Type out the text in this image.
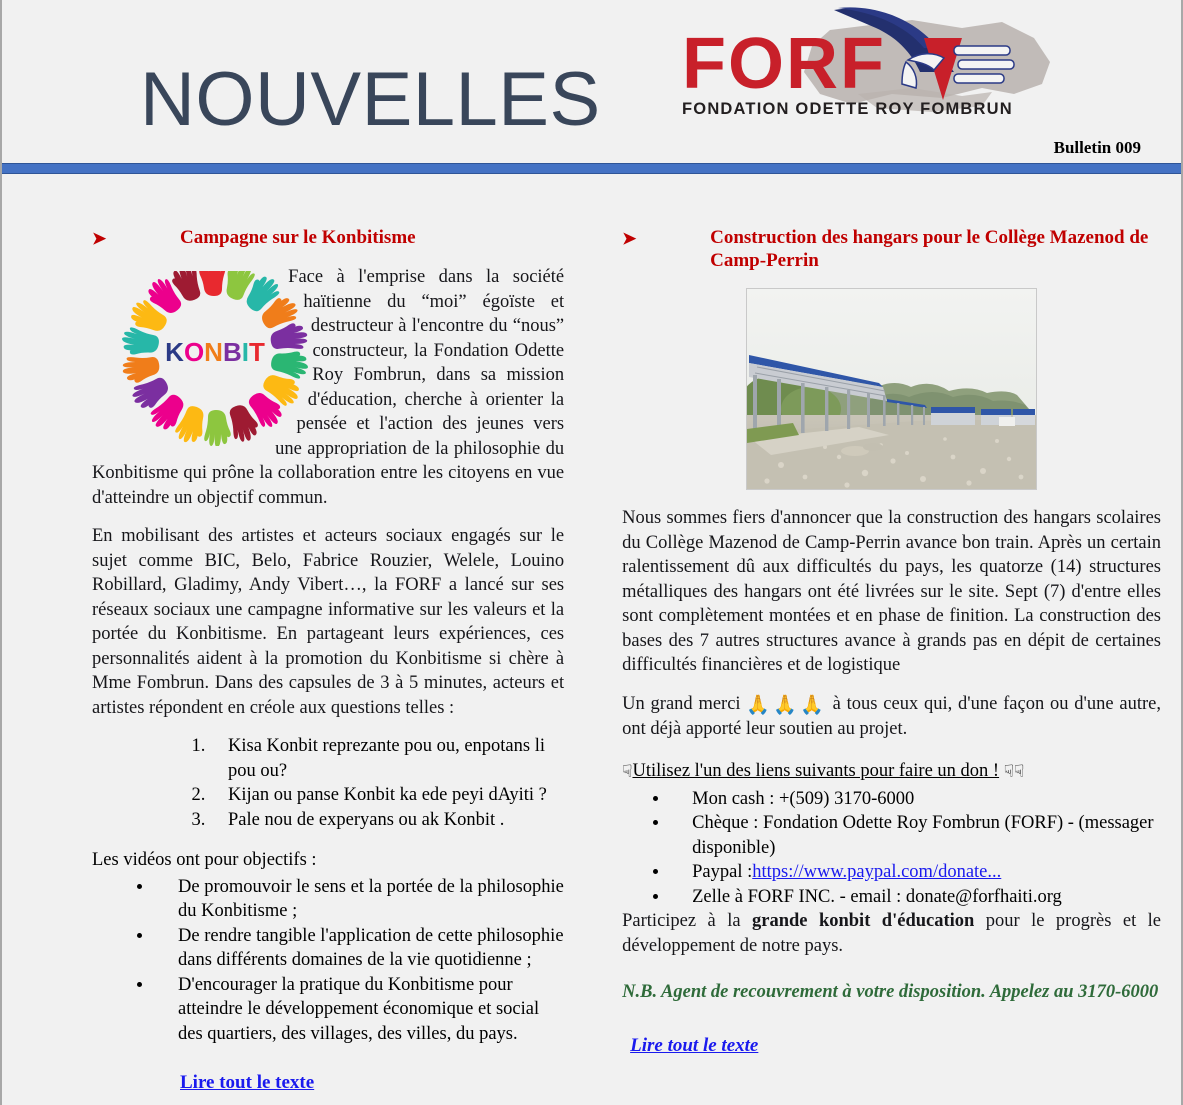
NOUVELLES FORF
FONDATION ODETTE ROY FOMBRUN
Bulletin 009
➤	Campagne sur le Konbitisme
KONBIT

Face à l'emprise dans la société haïtienne du “moi” égoïste et destructeur à l'encontre du “nous” constructeur, la Fondation Odette Roy Fombrun, dans sa mission d'éducation, cherche à orienter la pensée et l'action des jeunes vers une appropriation de la philosophie du Konbitisme qui prône la collaboration entre les citoyens en vue d'atteindre un objectif commun.

En mobilisant des artistes et acteurs sociaux engagés sur le sujet comme BIC, Belo, Fabrice Rouzier, Welele, Louino Robillard, Gladimy, Andy Vibert…, la FORF a lancé sur ses réseaux sociaux une campagne informative sur les valeurs et la portée du Konbitisme. En partageant leurs expériences, ces personnalités aident à la promotion du Konbitisme si chère à Mme Fombrun. Dans des capsules de 3 à 5 minutes, acteurs et artistes répondent en créole aux questions telles :

1. Kisa Konbit reprezante pou ou, enpotans li pou ou?
2. Kijan ou panse Konbit ka ede peyi dAyiti ?
3. Pale nou de experyans ou ak Konbit .
Les vidéos ont pour objectifs :
• De promouvoir le sens et la portée de la philosophie du Konbitisme ;
• De rendre tangible l'application de cette philosophie dans différents domaines de la vie quotidienne ;
• D'encourager la pratique du Konbitisme pour atteindre le développement économique et social des quartiers, des villages, des villes, du pays.
Lire tout le texte
➤	Construction des hangars pour le Collège Mazenod de Camp-Perrin

Nous sommes fiers d'annoncer que la construction des hangars scolaires du Collège Mazenod de Camp-Perrin avance bon train. Après un certain ralentissement dû aux difficultés du pays, les quatorze (14) structures métalliques des hangars ont été livrées sur le site. Sept (7) d'entre elles sont complètement montées et en phase de finition. La construction des bases des 7 autres structures avance à grands pas en dépit de certaines difficultés financières et de logistique

Un grand merci 🙏🙏🙏 à tous ceux qui, d'une façon ou d'une autre, ont déjà apporté leur soutien au projet.

☟Utilisez l'un des liens suivants pour faire un don ! ☟☟
• Mon cash : +(509) 3170-6000
• Chèque : Fondation Odette Roy Fombrun (FORF) - (messager disponible)
• Paypal :https://www.paypal.com/donate...
• Zelle à FORF INC. - email : donate@forfhaiti.org

Participez à la grande konbit d'éducation pour le progrès et le développement de notre pays.

N.B. Agent de recouvrement à votre disposition. Appelez au 3170-6000

Lire tout le texte
